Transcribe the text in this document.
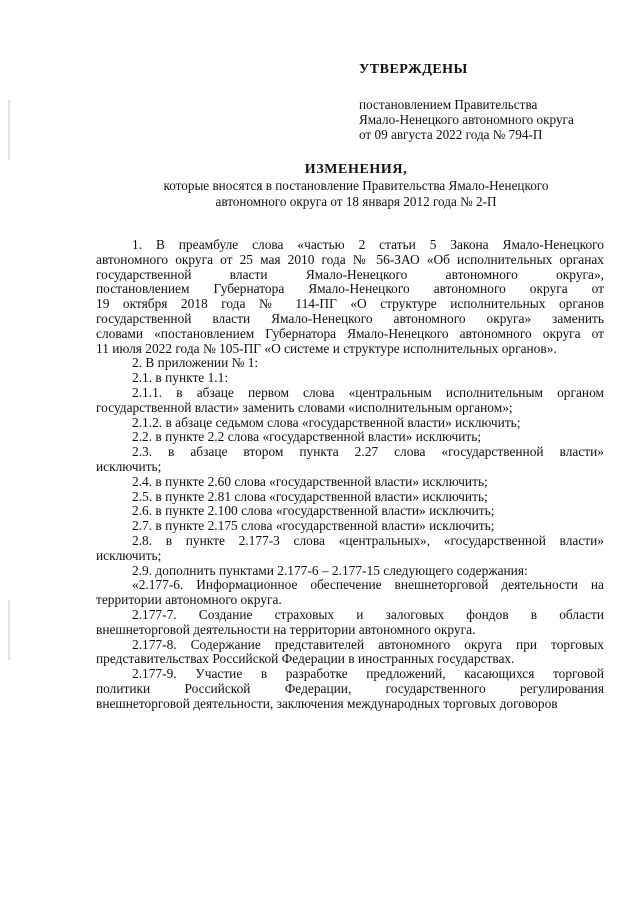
УТВЕРЖДЕНЫ
постановлением Правительства
Ямало-Ненецкого автономного округа
от 09 августа 2022 года № 794-П
ИЗМЕНЕНИЯ,
которые вносятся в постановление Правительства Ямало-Ненецкого
автономного округа от 18 января 2012 года № 2-П

1. В преамбуле слова «частью 2 статьи 5 Закона Ямало-Ненецкого

автономного округа от 25 мая 2010 года № 56-ЗАО «Об исполнительных органах

государственной власти Ямало-Ненецкого автономного округа»,

постановлением Губернатора Ямало-Ненецкого автономного округа от

19 октября 2018 года № 114-ПГ «О структуре исполнительных органов

государственной власти Ямало-Ненецкого автономного округа» заменить

словами «постановлением Губернатора Ямало-Ненецкого автономного округа от

11 июля 2022 года № 105-ПГ «О системе и структуре исполнительных органов».

2. В приложении № 1:

2.1. в пункте 1.1:

2.1.1. в абзаце первом слова «центральным исполнительным органом

государственной власти» заменить словами «исполнительным органом»;

2.1.2. в абзаце седьмом слова «государственной власти» исключить;

2.2. в пункте 2.2 слова «государственной власти» исключить;

2.3. в абзаце втором пункта 2.27 слова «государственной власти»

исключить;

2.4. в пункте 2.60 слова «государственной власти» исключить;

2.5. в пункте 2.81 слова «государственной власти» исключить;

2.6. в пункте 2.100 слова «государственной власти» исключить;

2.7. в пункте 2.175 слова «государственной власти» исключить;

2.8. в пункте 2.177-3 слова «центральных», «государственной власти»

исключить;

2.9. дополнить пунктами 2.177-6 – 2.177-15 следующего содержания:

«2.177-6. Информационное обеспечение внешнеторговой деятельности на

территории автономного округа.

2.177-7. Создание страховых и залоговых фондов в области

внешнеторговой деятельности на территории автономного округа.

2.177-8. Содержание представителей автономного округа при торговых

представительствах Российской Федерации в иностранных государствах.

2.177-9. Участие в разработке предложений, касающихся торговой

политики Российской Федерации, государственного регулирования

внешнеторговой деятельности, заключения международных торговых договоров
